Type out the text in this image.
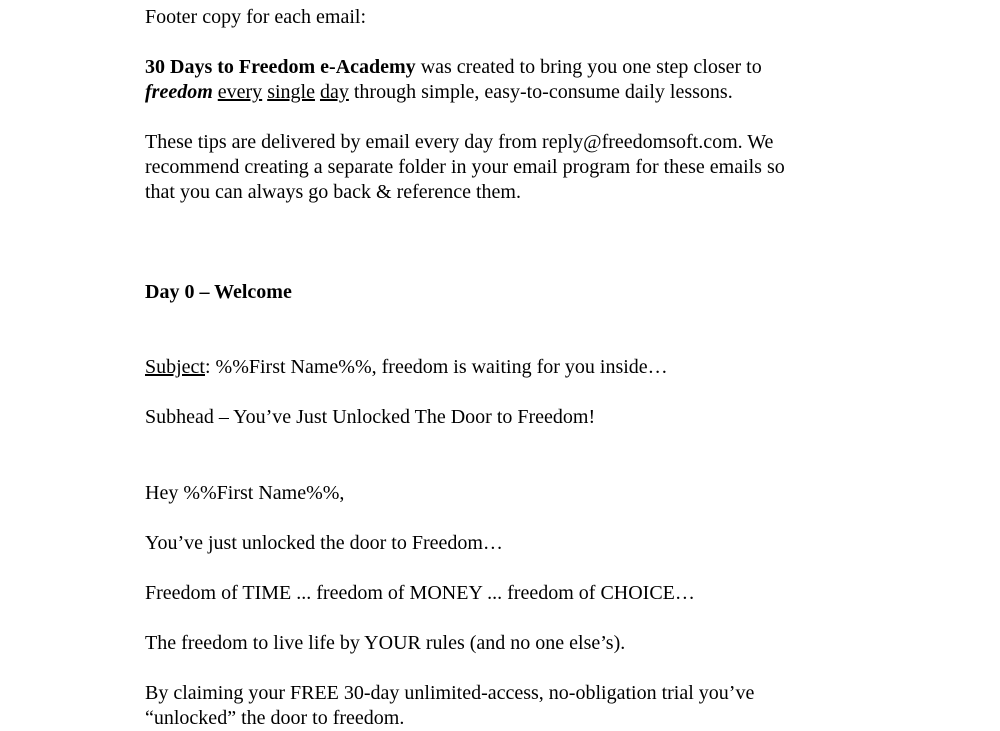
Footer copy for each email:
30 Days to Freedom e-Academy was created to bring you one step closer to
freedom every single day through simple, easy-to-consume daily lessons.
These tips are delivered by email every day from reply@freedomsoft.com. We
recommend creating a separate folder in your email program for these emails so
that you can always go back & reference them.
Day 0 – Welcome
Subject: %%First Name%%, freedom is waiting for you inside…
Subhead – You’ve Just Unlocked The Door to Freedom!
Hey %%First Name%%,
You’ve just unlocked the door to Freedom…
Freedom of TIME ... freedom of MONEY ... freedom of CHOICE…
The freedom to live life by YOUR rules (and no one else’s).
By claiming your FREE 30-day unlimited-access, no-obligation trial you’ve
“unlocked” the door to freedom.
